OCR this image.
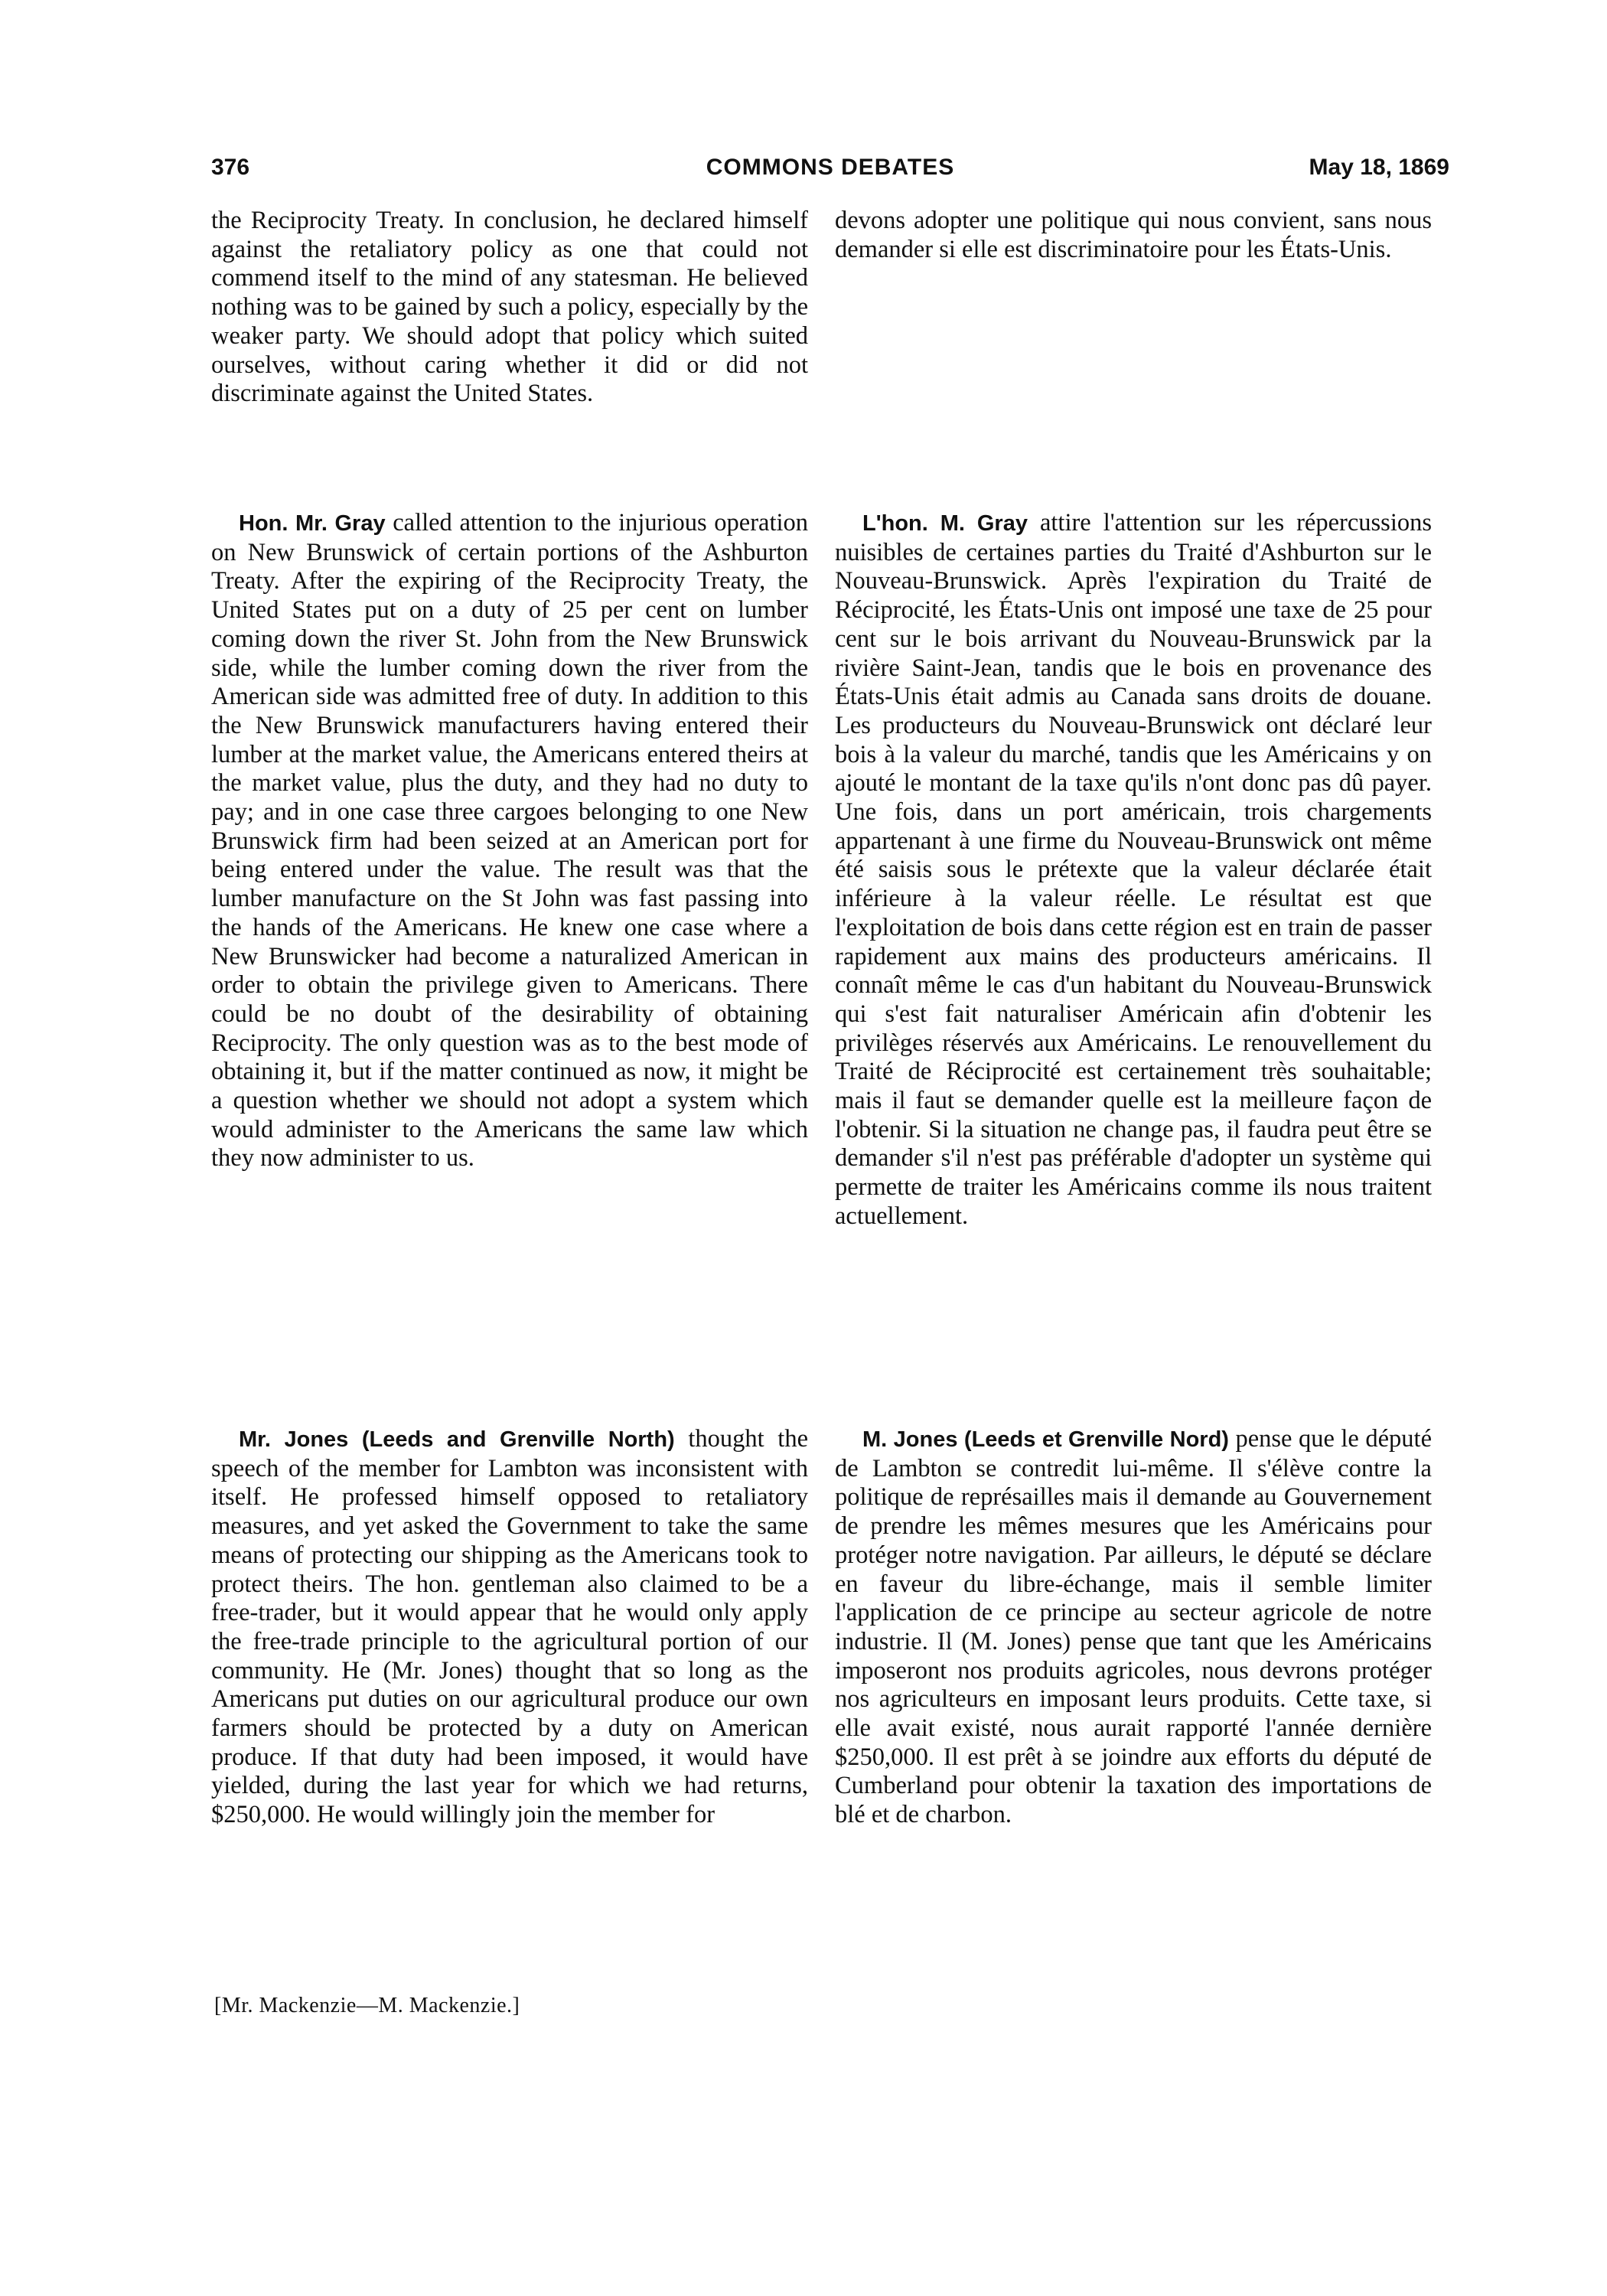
376	COMMONS DEBATES	May 18, 1869

the Reciprocity Treaty. In conclusion, he declared himself against the retaliatory policy as one that could not commend itself to the mind of any statesman. He believed nothing was to be gained by such a policy, especially by the weaker party. We should adopt that policy which suited ourselves, without caring whether it did or did not discriminate against the United States.

devons adopter une politique qui nous convient, sans nous demander si elle est discriminatoire pour les États-Unis.

Hon. Mr. Gray called attention to the injurious operation on New Brunswick of certain portions of the Ashburton Treaty. After the expiring of the Reciprocity Treaty, the United States put on a duty of 25 per cent on lumber coming down the river St. John from the New Brunswick side, while the lumber coming down the river from the American side was admitted free of duty. In addition to this the New Brunswick manufacturers having entered their lumber at the market value, the Americans entered theirs at the market value, plus the duty, and they had no duty to pay; and in one case three cargoes belonging to one New Brunswick firm had been seized at an American port for being entered under the value. The result was that the lumber manufacture on the St John was fast passing into the hands of the Americans. He knew one case where a New Brunswicker had become a naturalized American in order to obtain the privilege given to Americans. There could be no doubt of the desirability of obtaining Reciprocity. The only question was as to the best mode of obtaining it, but if the matter continued as now, it might be a question whether we should not adopt a system which would administer to the Americans the same law which they now administer to us.

L'hon. M. Gray attire l'attention sur les répercussions nuisibles de certaines parties du Traité d'Ashburton sur le Nouveau-Brunswick. Après l'expiration du Traité de Réciprocité, les États-Unis ont imposé une taxe de 25 pour cent sur le bois arrivant du Nouveau-Brunswick par la rivière Saint-Jean, tandis que le bois en provenance des États-Unis était admis au Canada sans droits de douane. Les producteurs du Nouveau-Brunswick ont déclaré leur bois à la valeur du marché, tandis que les Américains y on ajouté le montant de la taxe qu'ils n'ont donc pas dû payer. Une fois, dans un port américain, trois chargements appartenant à une firme du Nouveau-Brunswick ont même été saisis sous le prétexte que la valeur déclarée était inférieure à la valeur réelle. Le résultat est que l'exploitation de bois dans cette région est en train de passer rapidement aux mains des producteurs américains. Il connaît même le cas d'un habitant du Nouveau-Brunswick qui s'est fait naturaliser Américain afin d'obtenir les privilèges réservés aux Américains. Le renouvellement du Traité de Réciprocité est certainement très souhaitable; mais il faut se demander quelle est la meilleure façon de l'obtenir. Si la situation ne change pas, il faudra peut être se demander s'il n'est pas préférable d'adopter un système qui permette de traiter les Américains comme ils nous traitent actuellement.

Mr. Jones (Leeds and Grenville North) thought the speech of the member for Lambton was inconsistent with itself. He professed himself opposed to retaliatory measures, and yet asked the Government to take the same means of protecting our shipping as the Americans took to protect theirs. The hon. gentleman also claimed to be a free-trader, but it would appear that he would only apply the free-trade principle to the agricultural portion of our community. He (Mr. Jones) thought that so long as the Americans put duties on our agricultural produce our own farmers should be protected by a duty on American produce. If that duty had been imposed, it would have yielded, during the last year for which we had returns, $250,000. He would willingly join the member for

M. Jones (Leeds et Grenville Nord) pense que le député de Lambton se contredit lui-même. Il s'élève contre la politique de représailles mais il demande au Gouvernement de prendre les mêmes mesures que les Américains pour protéger notre navigation. Par ailleurs, le député se déclare en faveur du libre-échange, mais il semble limiter l'application de ce principe au secteur agricole de notre industrie. Il (M. Jones) pense que tant que les Américains imposeront nos produits agricoles, nous devrons protéger nos agriculteurs en imposant leurs produits. Cette taxe, si elle avait existé, nous aurait rapporté l'année dernière $250,000. Il est prêt à se joindre aux efforts du député de Cumberland pour obtenir la taxation des importations de blé et de charbon.

[Mr. Mackenzie—M. Mackenzie.]
